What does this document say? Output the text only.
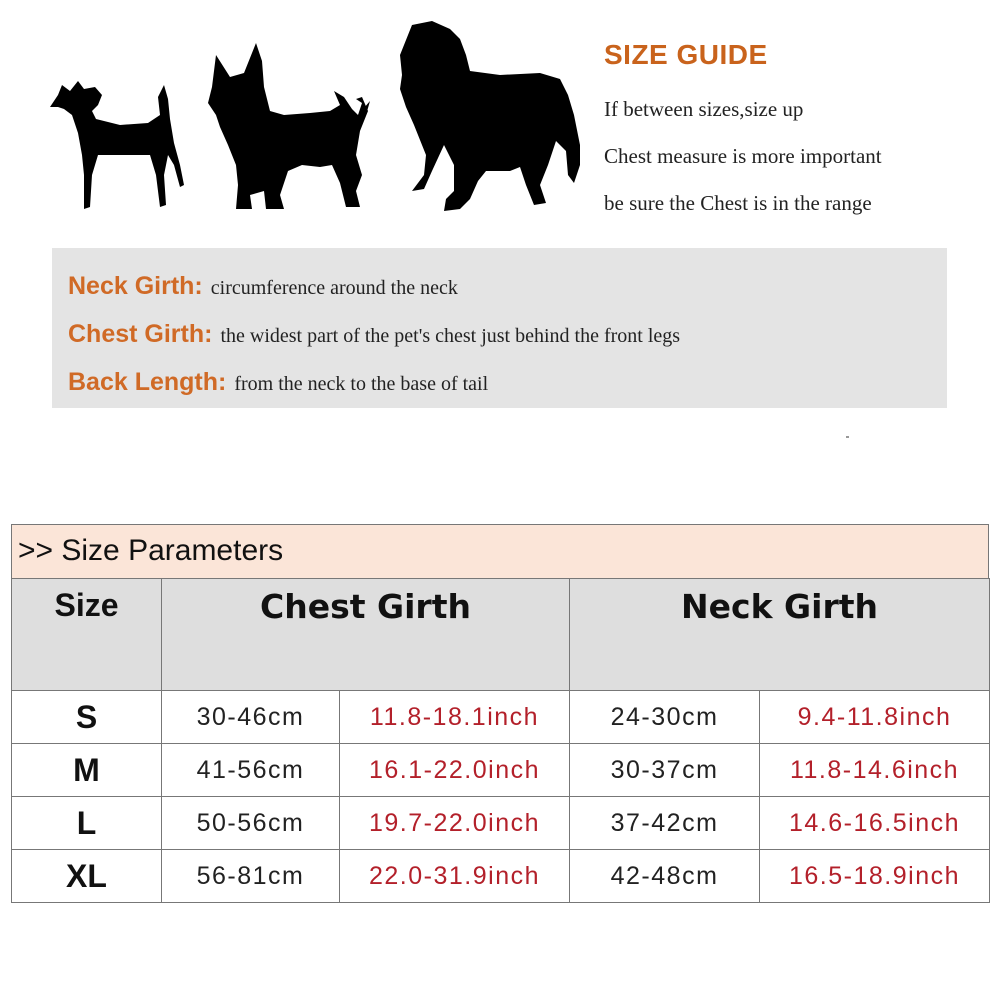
SIZE GUIDE
If between sizes,size up
Chest measure is more important
be sure the Chest is in the range
Neck Girth: circumference around the neck
Chest Girth: the widest part of the pet's chest just behind the front legs
Back Length: from the neck to the base of tail
>> Size Parameters
Size	Chest Girth		Neck Girth	
S	30-46cm	11.8-18.1inch	24-30cm	9.4-11.8inch
M	41-56cm	16.1-22.0inch	30-37cm	11.8-14.6inch
L	50-56cm	19.7-22.0inch	37-42cm	14.6-16.5inch
XL	56-81cm	22.0-31.9inch	42-48cm	16.5-18.9inch
